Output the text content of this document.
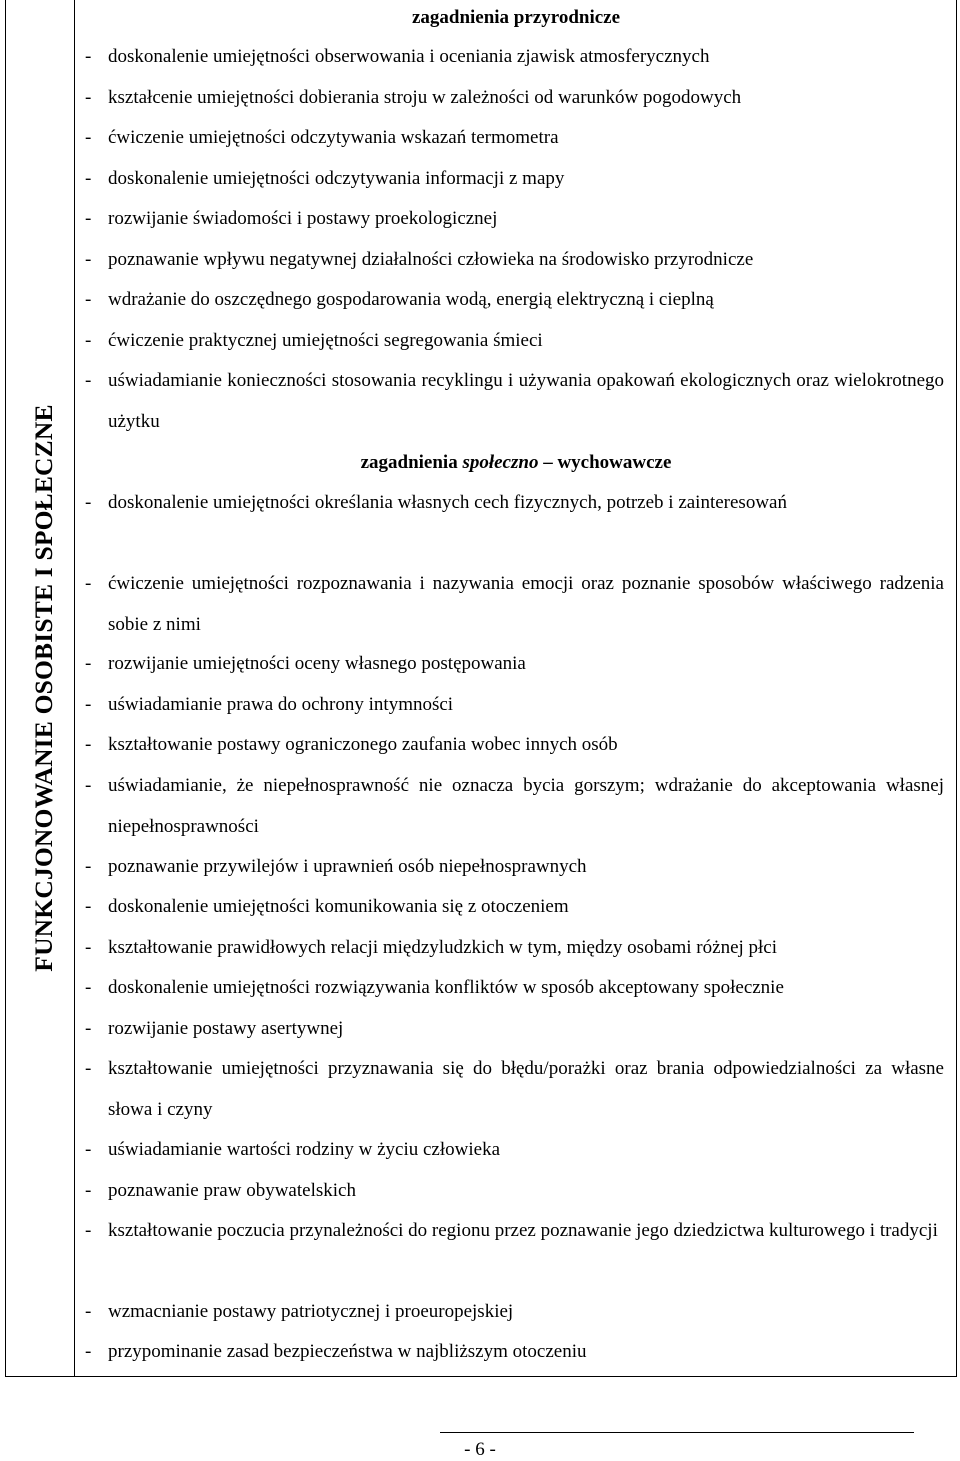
FUNKCJONOWANIE OSOBISTE I SPOŁECZNE
zagadnienia przyrodnicze
- doskonalenie umiejętności obserwowania i oceniania zjawisk atmosferycznych
- kształcenie umiejętności dobierania stroju w zależności od warunków pogodowych
- ćwiczenie umiejętności odczytywania wskazań termometra
- doskonalenie umiejętności odczytywania informacji z mapy
- rozwijanie świadomości i postawy proekologicznej
- poznawanie wpływu negatywnej działalności człowieka na środowisko przyrodnicze
- wdrażanie do oszczędnego gospodarowania wodą, energią elektryczną i cieplną
- ćwiczenie praktycznej umiejętności segregowania śmieci
- uświadamianie konieczności stosowania recyklingu i używania opakowań ekologicznych oraz wielokrotnego użytku
zagadnienia społeczno – wychowawcze
- doskonalenie umiejętności określania własnych cech fizycznych, potrzeb i zainteresowań
- ćwiczenie umiejętności rozpoznawania i nazywania emocji oraz poznanie sposobów właściwego radzenia sobie z nimi
- rozwijanie umiejętności oceny własnego postępowania
- uświadamianie prawa do ochrony intymności
- kształtowanie postawy ograniczonego zaufania wobec innych osób
- uświadamianie, że niepełnosprawność nie oznacza bycia gorszym; wdrażanie do akceptowania własnej niepełnosprawności
- poznawanie przywilejów i uprawnień osób niepełnosprawnych
- doskonalenie umiejętności komunikowania się z otoczeniem
- kształtowanie prawidłowych relacji międzyludzkich w tym, między osobami różnej płci
- doskonalenie umiejętności rozwiązywania konfliktów w sposób akceptowany społecznie
- rozwijanie postawy asertywnej
- kształtowanie umiejętności przyznawania się do błędu/porażki oraz brania odpowiedzialności za własne słowa i czyny
- uświadamianie wartości rodziny w życiu człowieka
- poznawanie praw obywatelskich
- kształtowanie poczucia przynależności do regionu przez poznawanie jego dziedzictwa kulturowego i tradycji
- wzmacnianie postawy patriotycznej i proeuropejskiej
- przypominanie zasad bezpieczeństwa w najbliższym otoczeniu
- 6 -
